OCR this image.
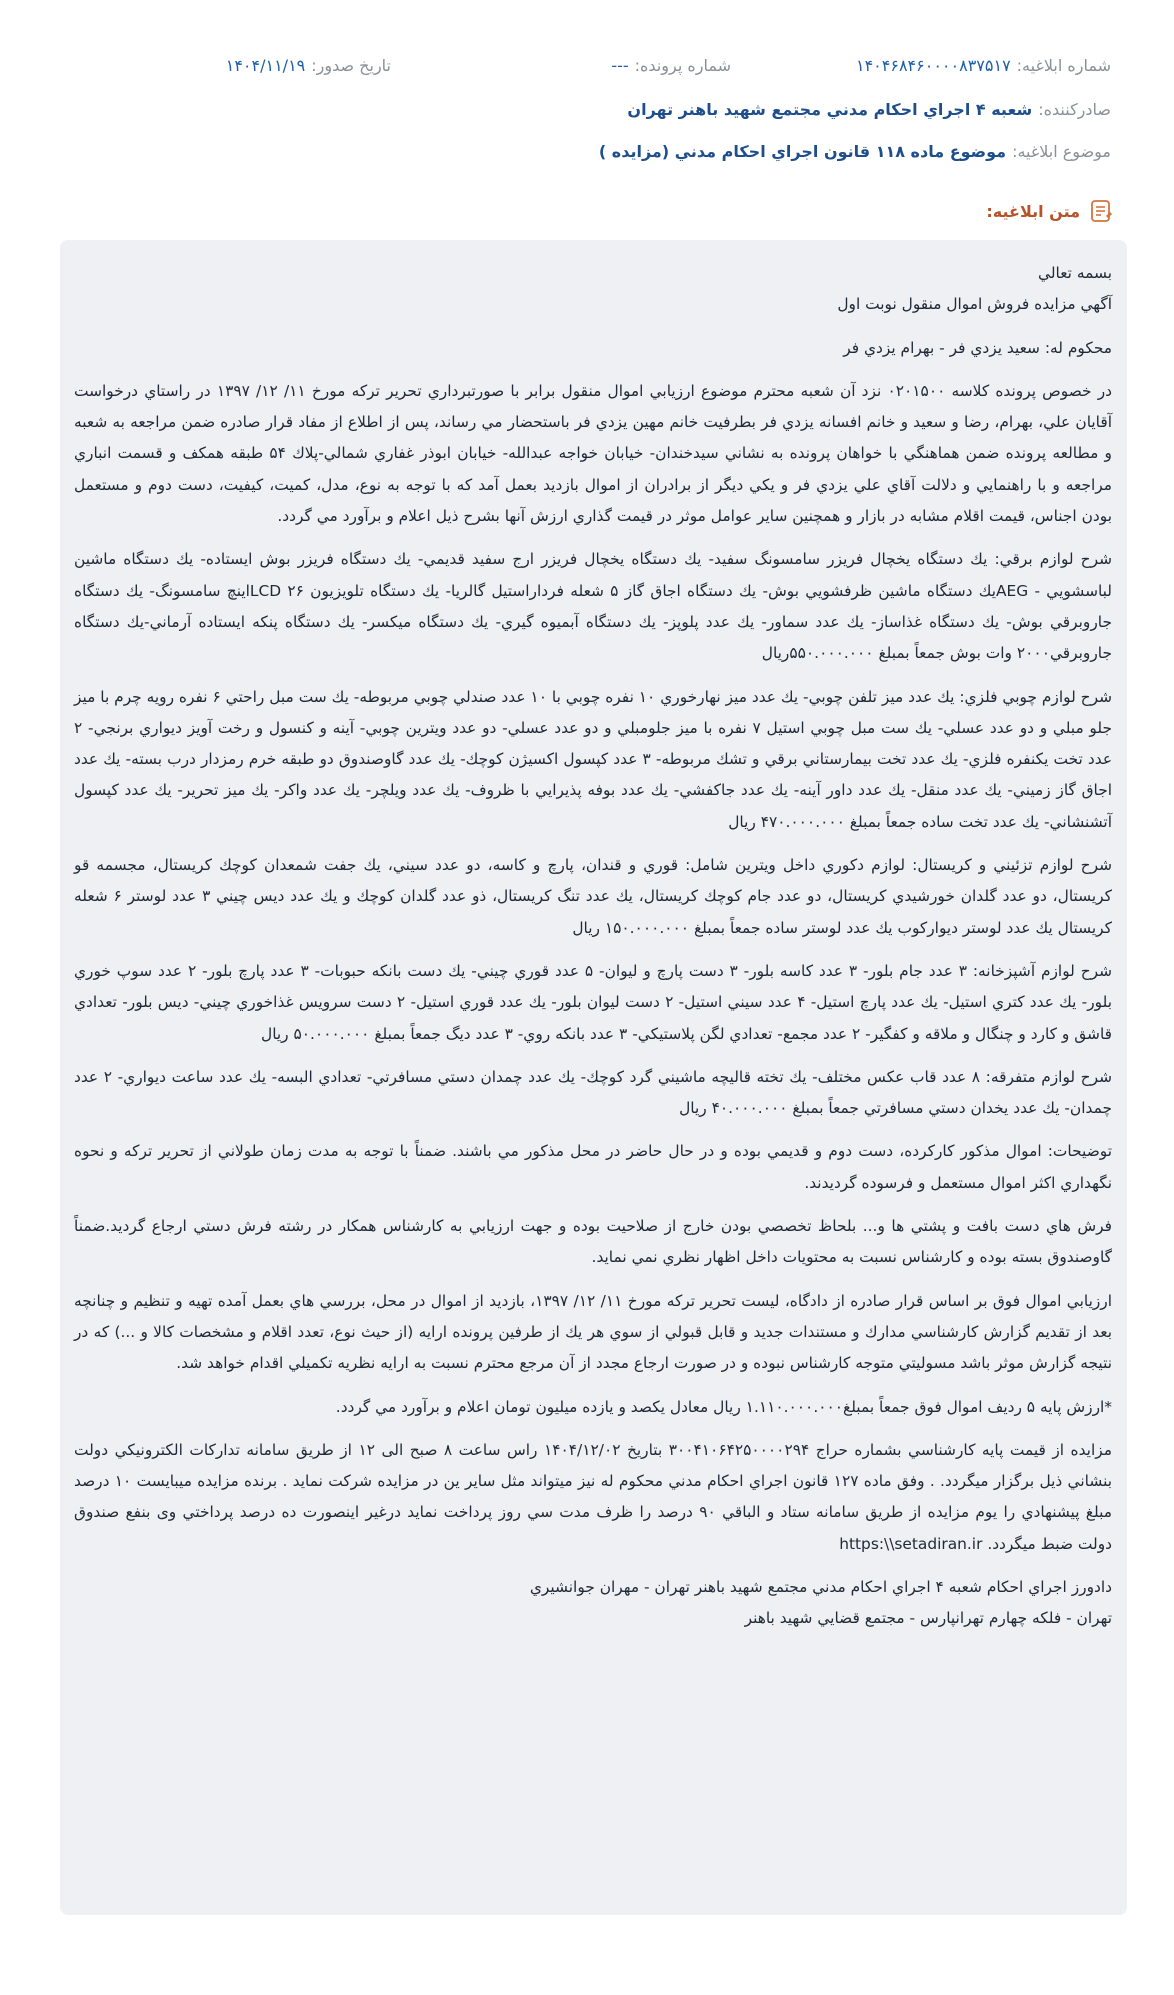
شماره ابلاغیه:
۱۴۰۴۶۸۴۶۰۰۰۰۸۳۷۵۱۷
شماره پرونده:
---
تاریخ صدور:
۱۴۰۴/۱۱/۱۹
صادرکننده:
شعبه ۴ اجراي احكام مدني مجتمع شهيد باهنر تهران
موضوع ابلاغیه:
موضوع ماده ۱۱۸ قانون اجراي احكام مدني (مزايده )
متن ابلاغیه:

بسمه تعالي

آگهي مزايده فروش اموال منقول نوبت اول

محكوم له: سعيد يزدي فر - بهرام يزدي فر

در خصوص پرونده كلاسه ۰۲۰۱۵۰۰ نزد آن شعبه محترم موضوع ارزيابي اموال منقول برابر با صورتبرداري تحرير تركه مورخ ۱۱/ ۱۲/ ۱۳۹۷ در راستاي درخواست آقايان علي، بهرام، رضا و سعيد و خانم افسانه يزدي فر بطرفيت خانم مهين يزدي فر باستحضار مي رساند، پس از اطلاع از مفاد قرار صادره ضمن مراجعه به شعبه و مطالعه پرونده ضمن هماهنگي با خواهان پرونده به نشاني سيدخندان- خيابان خواجه عبدالله- خيابان ابوذر غفاري شمالي-پلاك ۵۴ طبقه همكف و قسمت انباري مراجعه و با راهنمايي و دلالت آقاي علي يزدي فر و يكي ديگر از برادران از اموال بازديد بعمل آمد كه با توجه به نوع، مدل، كميت، كيفيت، دست دوم و مستعمل بودن اجناس، قيمت اقلام مشابه در بازار و همچنين ساير عوامل موثر در قيمت گذاري ارزش آنها بشرح ذيل اعلام و برآورد مي گردد.

شرح لوازم برقي: يك دستگاه يخچال فريزر سامسونگ سفيد- يك دستگاه يخچال فريزر ارج سفيد قديمي- يك دستگاه فريزر بوش ايستاده- يك دستگاه ماشين لباسشويي - AEGيك دستگاه ماشين ظرفشويي بوش- يك دستگاه اجاق گاز ۵ شعله فرداراستيل گالريا- يك دستگاه تلويزيون ۲۶ LCDاينچ سامسونگ- يك دستگاه جاروبرقي بوش- يك دستگاه غذاساز- يك عدد سماور- يك عدد پلوپز- يك دستگاه آبميوه گيري- يك دستگاه ميكسر- يك دستگاه پنكه ايستاده آرماني-يك دستگاه جاروبرقي۲۰۰۰ وات بوش جمعاً بمبلغ ۵۵۰.۰۰۰.۰۰۰ريال

شرح لوازم چوبي فلزي: يك عدد ميز تلفن چوبي- يك عدد ميز نهارخوري ۱۰ نفره چوبي با ۱۰ عدد صندلي چوبي مربوطه- يك ست مبل راحتي ۶ نفره رويه چرم با ميز جلو مبلي و دو عدد عسلي- يك ست مبل چوبي استيل ۷ نفره با ميز جلومبلي و دو عدد عسلي- دو عدد ويترين چوبي- آينه و كنسول و رخت آويز ديواري برنجي- ۲ عدد تخت يكنفره فلزي- يك عدد تخت بيمارستاني برقي و تشك مربوطه- ۳ عدد كپسول اكسيژن كوچك- يك عدد گاوصندوق دو طبقه خرم رمزدار درب بسته- يك عدد اجاق گاز زميني- يك عدد منقل- يك عدد داور آينه- يك عدد جاكفشي- يك عدد بوفه پذيرايي با ظروف- يك عدد ويلچر- يك عدد واكر- يك ميز تحرير- يك عدد كپسول آتشنشاني- يك عدد تخت ساده جمعاً بمبلغ ۴۷۰.۰۰۰.۰۰۰ ريال

شرح لوازم تزئيني و كريستال: لوازم دكوري داخل ويترين شامل: قوري و قندان، پارچ و كاسه، دو عدد سيني، يك جفت شمعدان كوچك كريستال، مجسمه قو كريستال، دو عدد گلدان خورشيدي كريستال، دو عدد جام كوچك كريستال، يك عدد تنگ كريستال، ذو عدد گلدان كوچك و يك عدد ديس چيني ۳ عدد لوستر ۶ شعله كريستال يك عدد لوستر ديواركوب يك عدد لوستر ساده جمعاً بمبلغ ۱۵۰.۰۰۰.۰۰۰ ريال

شرح لوازم آشپزخانه: ۳ عدد جام بلور- ۳ عدد كاسه بلور- ۳ دست پارچ و ليوان- ۵ عدد قوري چيني- يك دست بانكه حبوبات- ۳ عدد پارچ بلور- ۲ عدد سوپ خوري بلور- يك عدد كتري استيل- يك عدد پارچ استيل- ۴ عدد سيني استيل- ۲ دست ليوان بلور- يك عدد قوري استيل- ۲ دست سرويس غذاخوري چيني- ديس بلور- تعدادي قاشق و كارد و چنگال و ملاقه و كفگير- ۲ عدد مجمع- تعدادي لگن پلاستيكي- ۳ عدد بانكه روي- ۳ عدد ديگ جمعاً بمبلغ ۵۰.۰۰۰.۰۰۰ ريال

شرح لوازم متفرقه: ۸ عدد قاب عكس مختلف- يك تخته قاليچه ماشيني گرد كوچك- يك عدد چمدان دستي مسافرتي- تعدادي البسه- يك عدد ساعت ديواري- ۲ عدد چمدان- يك عدد يخدان دستي مسافرتي جمعاً بمبلغ ۴۰.۰۰۰.۰۰۰ ريال

توضيحات: اموال مذكور كاركرده، دست دوم و قديمي بوده و در حال حاضر در محل مذكور مي باشند. ضمناً با توجه به مدت زمان طولاني از تحرير تركه و نحوه نگهداري اكثر اموال مستعمل و فرسوده گرديدند.

فرش هاي دست بافت و پشتي ها و... بلحاظ تخصصي بودن خارج از صلاحيت بوده و جهت ارزيابي به كارشناس همكار در رشته فرش دستي ارجاع گرديد.ضمناً گاوصندوق بسته بوده و كارشناس نسبت به محتويات داخل اظهار نظري نمي نمايد.

ارزيابي اموال فوق بر اساس قرار صادره از دادگاه، ليست تحرير تركه مورخ ۱۱/ ۱۲/ ۱۳۹۷، بازديد از اموال در محل، بررسي هاي بعمل آمده تهيه و تنظيم و چنانچه بعد از تقديم گزارش كارشناسي مدارك و مستندات جديد و قابل قبولي از سوي هر يك از طرفين پرونده ارايه (از حيث نوع، تعدد اقلام و مشخصات كالا و ...) كه در نتيجه گزارش موثر باشد مسوليتي متوجه كارشناس نبوده و در صورت ارجاع مجدد از آن مرجع محترم نسبت به ارايه نظريه تكميلي اقدام خواهد شد.

*ارزش پايه ۵ رديف اموال فوق جمعاً بمبلغ۱.۱۱۰.۰۰۰.۰۰۰ ريال معادل يكصد و يازده ميليون تومان اعلام و برآورد مي گردد.

مزايده از قيمت پايه كارشناسي بشماره حراج ۳۰۰۴۱۰۶۴۲۵۰۰۰۰۲۹۴ بتاريخ ۱۴۰۴/۱۲/۰۲ راس ساعت ۸ صبح الی ۱۲ از طريق سامانه تداركات الكترونيكي دولت بنشاني ذيل برگزار ميگردد. . وفق ماده ۱۲۷ قانون اجراي احكام مدني محكوم له نيز ميتواند مثل ساير ين در مزايده شركت نمايد . برنده مزايده ميبايست ۱۰ درصد مبلغ پيشنهادي را يوم مزايده از طريق سامانه ستاد و الباقي ۹۰ درصد را ظرف مدت سي روز پرداخت نمايد درغير اينصورت ده درصد پرداختي وی بنفع صندوق دولت ضبط ميگردد. https:\\setadiran.ir

دادورز اجراي احكام شعبه ۴ اجراي احكام مدني مجتمع شهيد باهنر تهران - مهران جوانشيري

تهران - فلكه چهارم تهرانپارس - مجتمع قضايي شهيد باهنر
